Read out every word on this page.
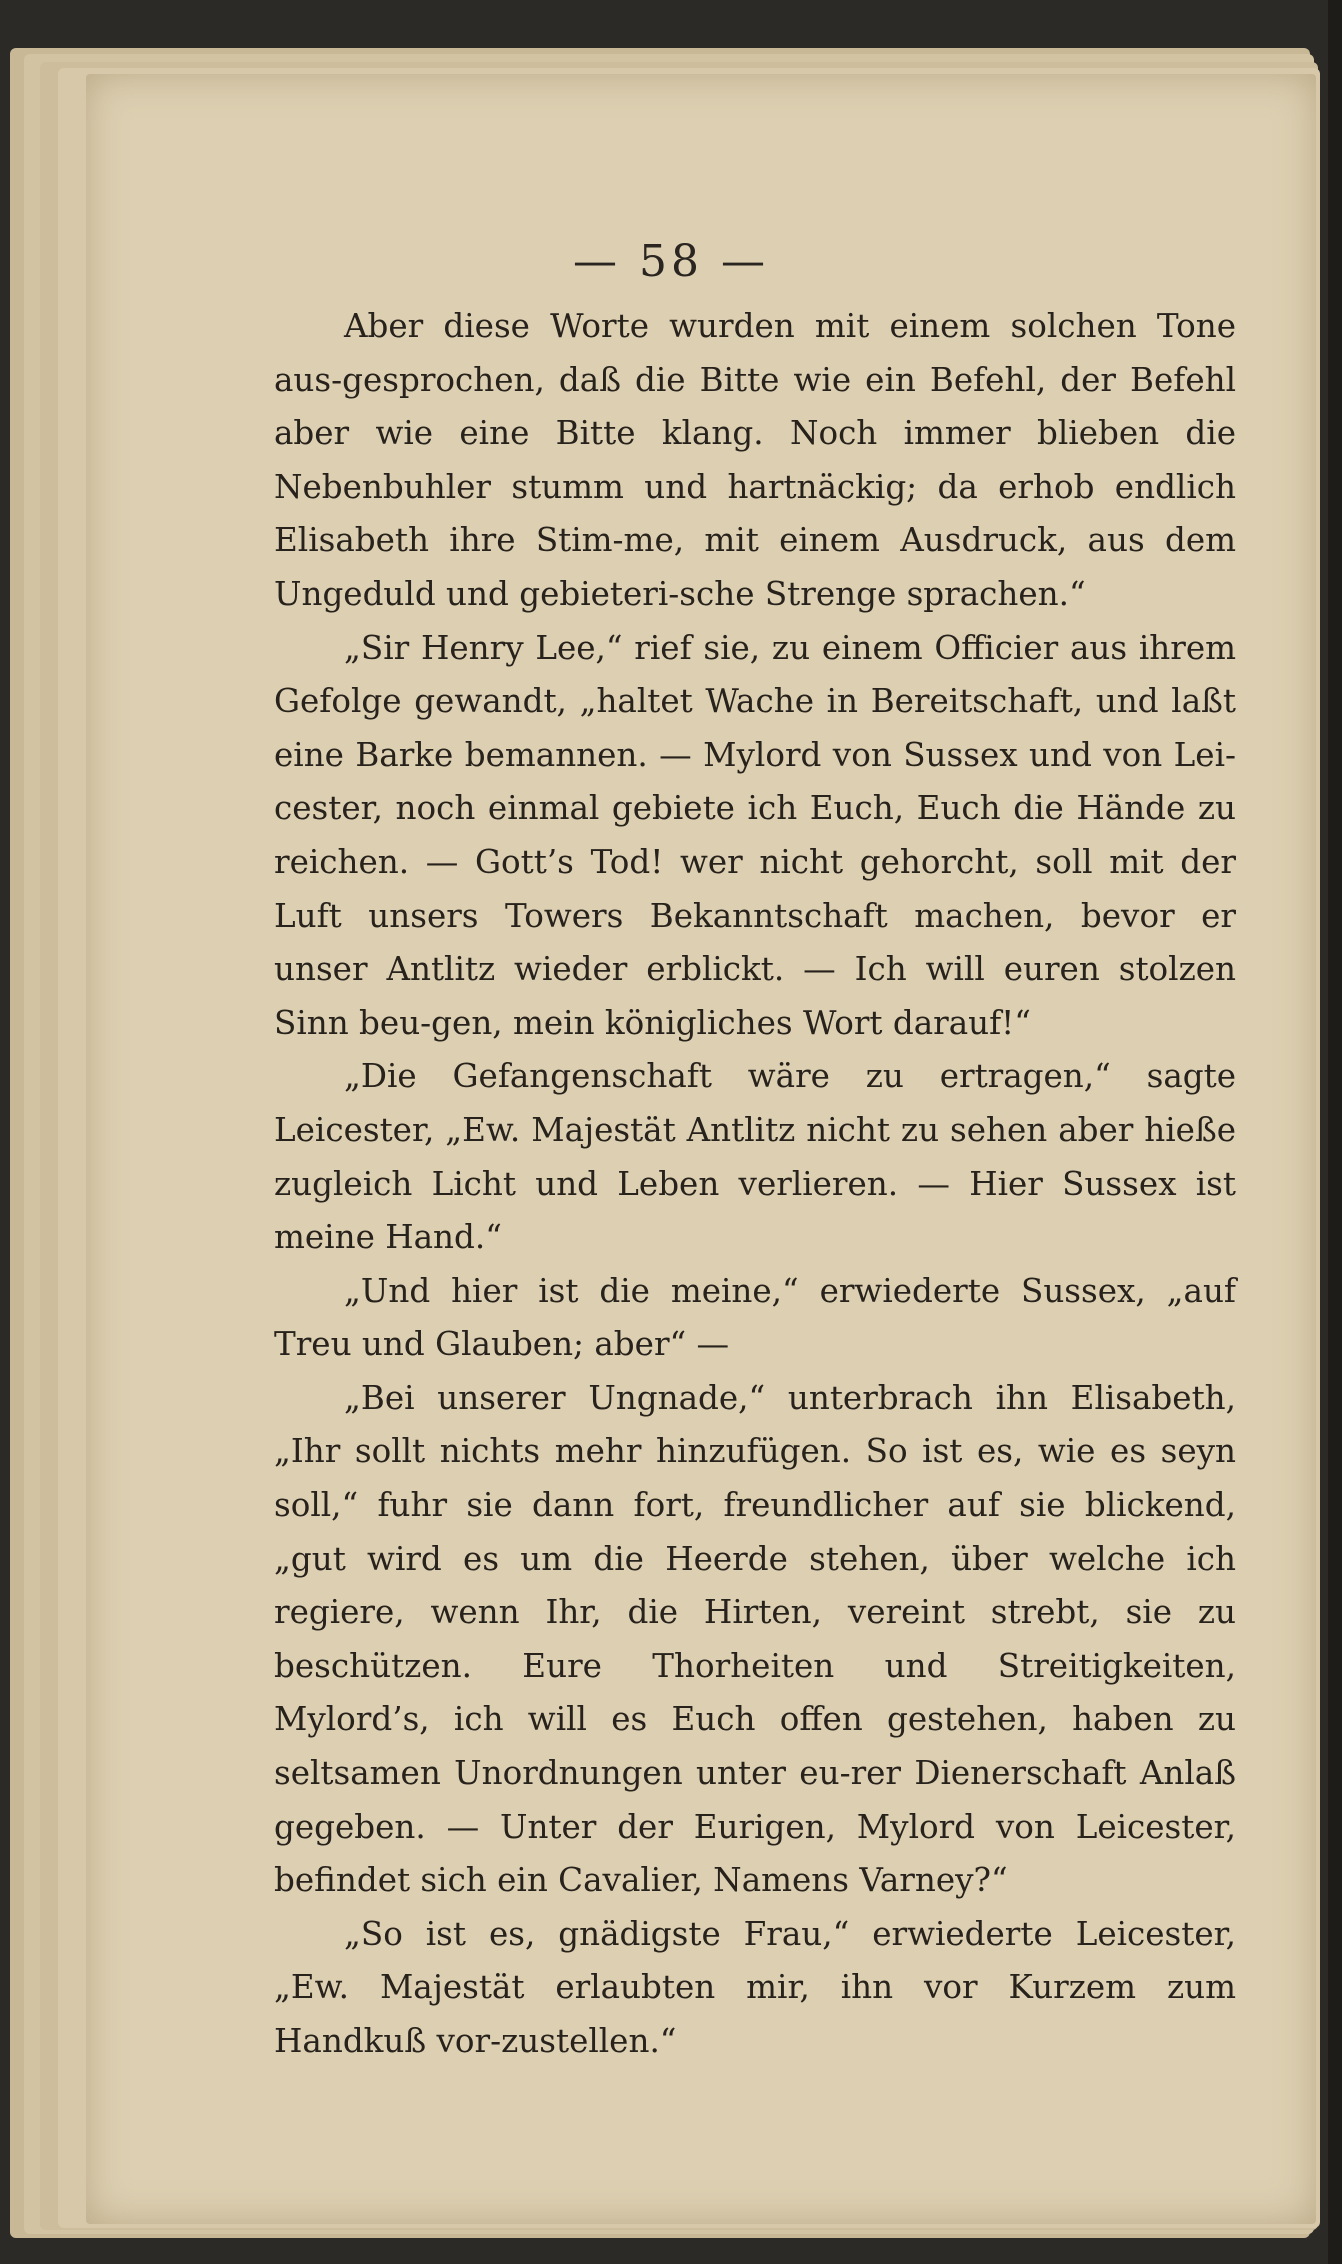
— 58 —

Aber diese Worte wurden mit einem solchen Tone aus-gesprochen, daß die Bitte wie ein Befehl, der Befehl aber wie eine Bitte klang. Noch immer blieben die Nebenbuhler stumm und hartnäckig; da erhob endlich Elisabeth ihre Stim-me, mit einem Ausdruck, aus dem Ungeduld und gebieteri-sche Strenge sprachen.“

„Sir Henry Lee,“ rief sie, zu einem Officier aus ihrem Gefolge gewandt, „haltet Wache in Bereitschaft, und laßt eine Barke bemannen. — Mylord von Sussex und von Lei-cester, noch einmal gebiete ich Euch, Euch die Hände zu reichen. — Gott’s Tod! wer nicht gehorcht, soll mit der Luft unsers Towers Bekanntschaft machen, bevor er unser Antlitz wieder erblickt. — Ich will euren stolzen Sinn beu-gen, mein königliches Wort darauf!“

„Die Gefangenschaft wäre zu ertragen,“ sagte Leicester, „Ew. Majestät Antlitz nicht zu sehen aber hieße zugleich Licht und Leben verlieren. — Hier Sussex ist meine Hand.“

„Und hier ist die meine,“ erwiederte Sussex, „auf Treu und Glauben; aber“ —

„Bei unserer Ungnade,“ unterbrach ihn Elisabeth, „Ihr sollt nichts mehr hinzufügen. So ist es, wie es seyn soll,“ fuhr sie dann fort, freundlicher auf sie blickend, „gut wird es um die Heerde stehen, über welche ich regiere, wenn Ihr, die Hirten, vereint strebt, sie zu beschützen. Eure Thorheiten und Streitigkeiten, Mylord’s, ich will es Euch offen gestehen, haben zu seltsamen Unordnungen unter eu-rer Dienerschaft Anlaß gegeben. — Unter der Eurigen, Mylord von Leicester, befindet sich ein Cavalier, Namens Varney?“

„So ist es, gnädigste Frau,“ erwiederte Leicester, „Ew. Majestät erlaubten mir, ihn vor Kurzem zum Handkuß vor-zustellen.“
